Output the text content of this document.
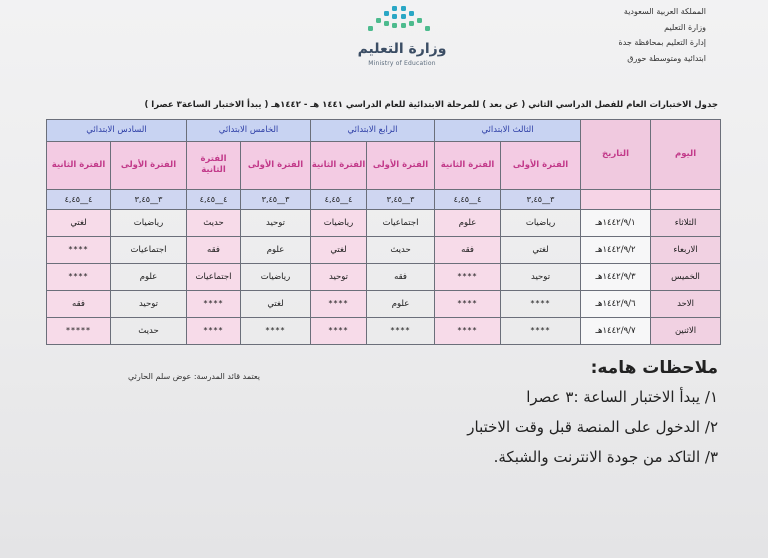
المملكة العربية السعودية
وزارة التعليم
إدارة التعليم بمحافظة جدة
ابتدائية ومتوسطة حورق
وزارة التعليم
Ministry of Education
جدول الاختبارات العام للفصل الدراسي الثاني ( عن بعد ) للمرحلة الابتدائية للعام الدراسي ١٤٤١ هـ - ١٤٤٢هـ ( يبدأ الاختبار الساعة٣ عصرا )
اليوم	التاريخ	الثالث الابتدائي		الرابع الابتدائي		الخامس الابتدائي		السادس الابتدائي	
		الفترة الأولى	الفترة الثانية	الفترة الأولى	الفترة الثانية	الفترة الأولى	الفترة الثانية	الفترة الأولى	الفترة الثانية
		٣__٣,٤٥	٤__٤,٤٥	٣__٣,٤٥	٤__٤,٤٥	٣__٣,٤٥	٤__٤,٤٥	٣__٣,٤٥	٤__٤,٤٥
الثلاثاء	١٤٤٢/٩/١هـ	رياضيات	علوم	اجتماعيات	رياضيات	توحيد	حديث	رياضيات	لغتي
الاربعاء	١٤٤٢/٩/٢هـ	لغتي	فقه	حديث	لغتي	علوم	فقه	اجتماعيات	****
الخميس	١٤٤٢/٩/٣هـ	توحيد	****	فقه	توحيد	رياضيات	اجتماعيات	علوم	****
الاحد	١٤٤٢/٩/٦هـ	****	****	علوم	****	لغتي	****	توحيد	فقه
الاثنين	١٤٤٢/٩/٧هـ	****	****	****	****	****	****	حديث	*****
يعتمد قائد المدرسة: عوض سلم الحارثي	ملاحظات هامه:
١/ يبدأ الاختبار الساعة :٣ عصرا
٢/ الدخول على المنصة قبل وقت الاختبار
٣/ التاكد من جودة الانترنت والشبكة.
